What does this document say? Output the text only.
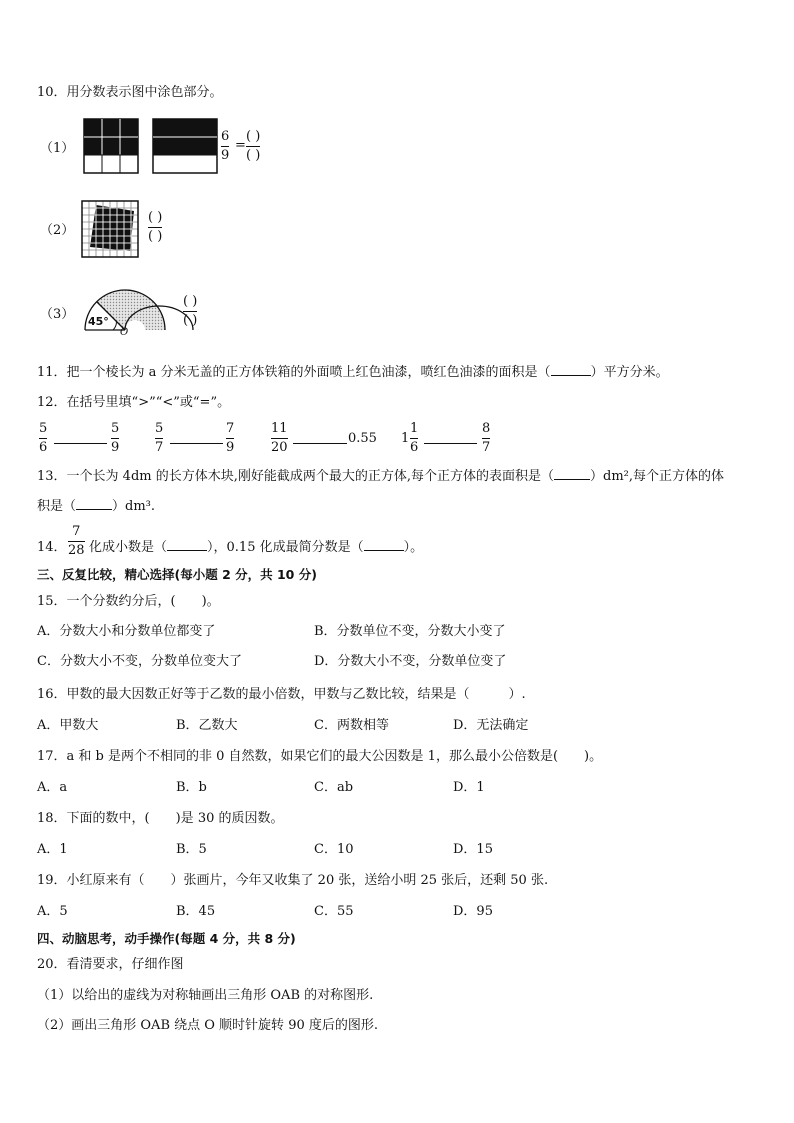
10．用分数表示图中涂色部分。
（1）
6
9
=
( )
( )
（2）
( )
( )
（3） 45°
O
( )
( )
11．把一个棱长为 a 分米无盖的正方体铁箱的外面喷上红色油漆，喷红色油漆的面积是（	）平方分米。
12．在括号里填“>”“<”或“=”。
5
6
5
9
5
7
7
9
11
20
0.55 1
1
6
8
7
13．一个长为 4dm 的长方体木块,刚好能截成两个最大的正方体,每个正方体的表面积是（	）dm²,每个正方体的体
积是（	）dm³.
14．
7
28 化成小数是（	），0.15 化成最简分数是（	）。
三、反复比较，精心选择(每小题 2 分，共 10 分)
15．一个分数约分后，(　　)。
A．分数大小和分数单位都变了	B．分数单位不变，分数大小变了
C．分数大小不变，分数单位变大了	D．分数大小不变，分数单位变了
16．甲数的最大因数正好等于乙数的最小倍数，甲数与乙数比较，结果是（　　　）.
A．甲数大	B．乙数大	C．两数相等	D．无法确定
17．a 和 b 是两个不相同的非 0 自然数，如果它们的最大公因数是 1，那么最小公倍数是(　　)。
A．a	B．b	C．ab	D．1
18．下面的数中，(　　)是 30 的质因数。
A．1	B．5	C．10	D．15
19．小红原来有（　　）张画片，今年又收集了 20 张，送给小明 25 张后，还剩 50 张.
A．5	B．45	C．55	D．95
四、动脑思考，动手操作(每题 4 分，共 8 分)
20．看清要求，仔细作图
（1）以给出的虚线为对称轴画出三角形 OAB 的对称图形.
（2）画出三角形 OAB 绕点 O 顺时针旋转 90 度后的图形.
